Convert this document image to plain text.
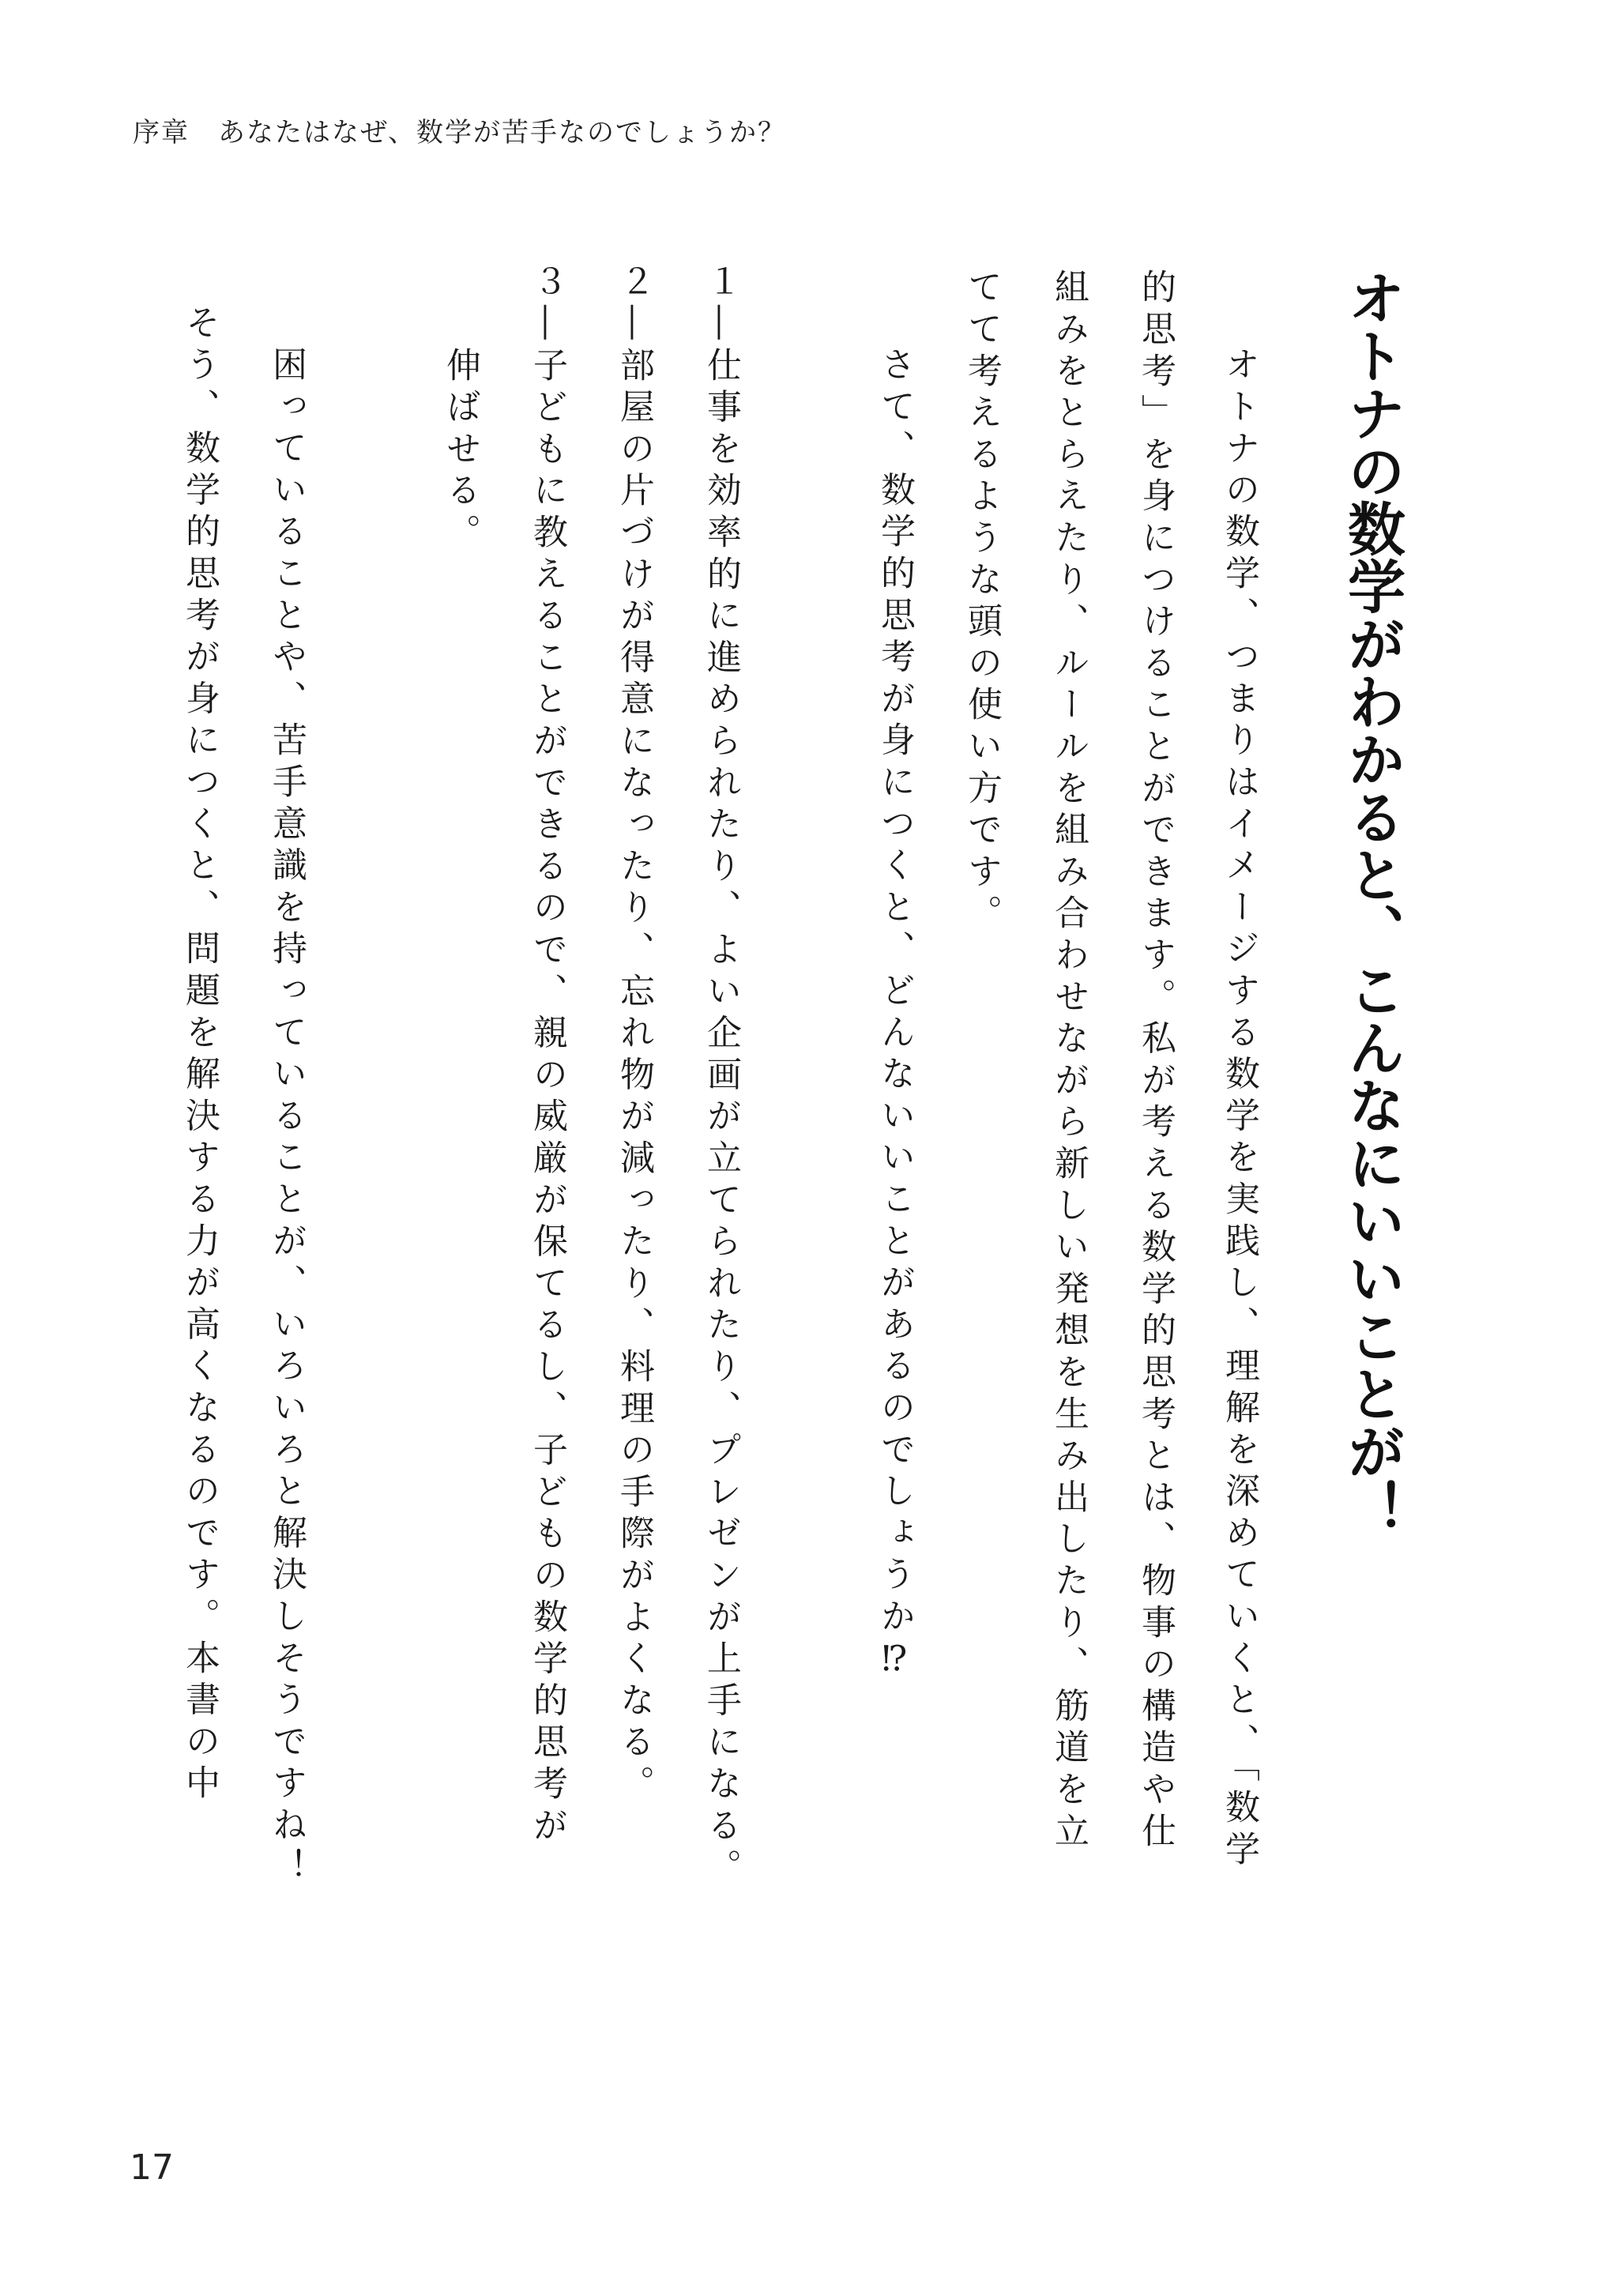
序章　あなたはなぜ、数学が苦手なのでしょうか？
オトナの数学がわかると、こんなにいいことが！
　オトナの数学、つまりはイメージする数学を実践し、理解を深めていくと、「数学
的思考」を身につけることができます。私が考える数学的思考とは、物事の構造や仕
組みをとらえたり、ルールを組み合わせながら新しい発想を生み出したり、筋道を立
てて考えるような頭の使い方です。
　さて、数学的思考が身につくと、どんないいことがあるのでしょうか⁉
１―仕事を効率的に進められたり、よい企画が立てられたり、プレゼンが上手になる。
２―部屋の片づけが得意になったり、忘れ物が減ったり、料理の手際がよくなる。
３―子どもに教えることができるので、親の威厳が保てるし、子どもの数学的思考が
　　伸ばせる。
　困っていることや、苦手意識を持っていることが、いろいろと解決しそうですね！
そう、数学的思考が身につくと、問題を解決する力が高くなるのです。本書の中
17
